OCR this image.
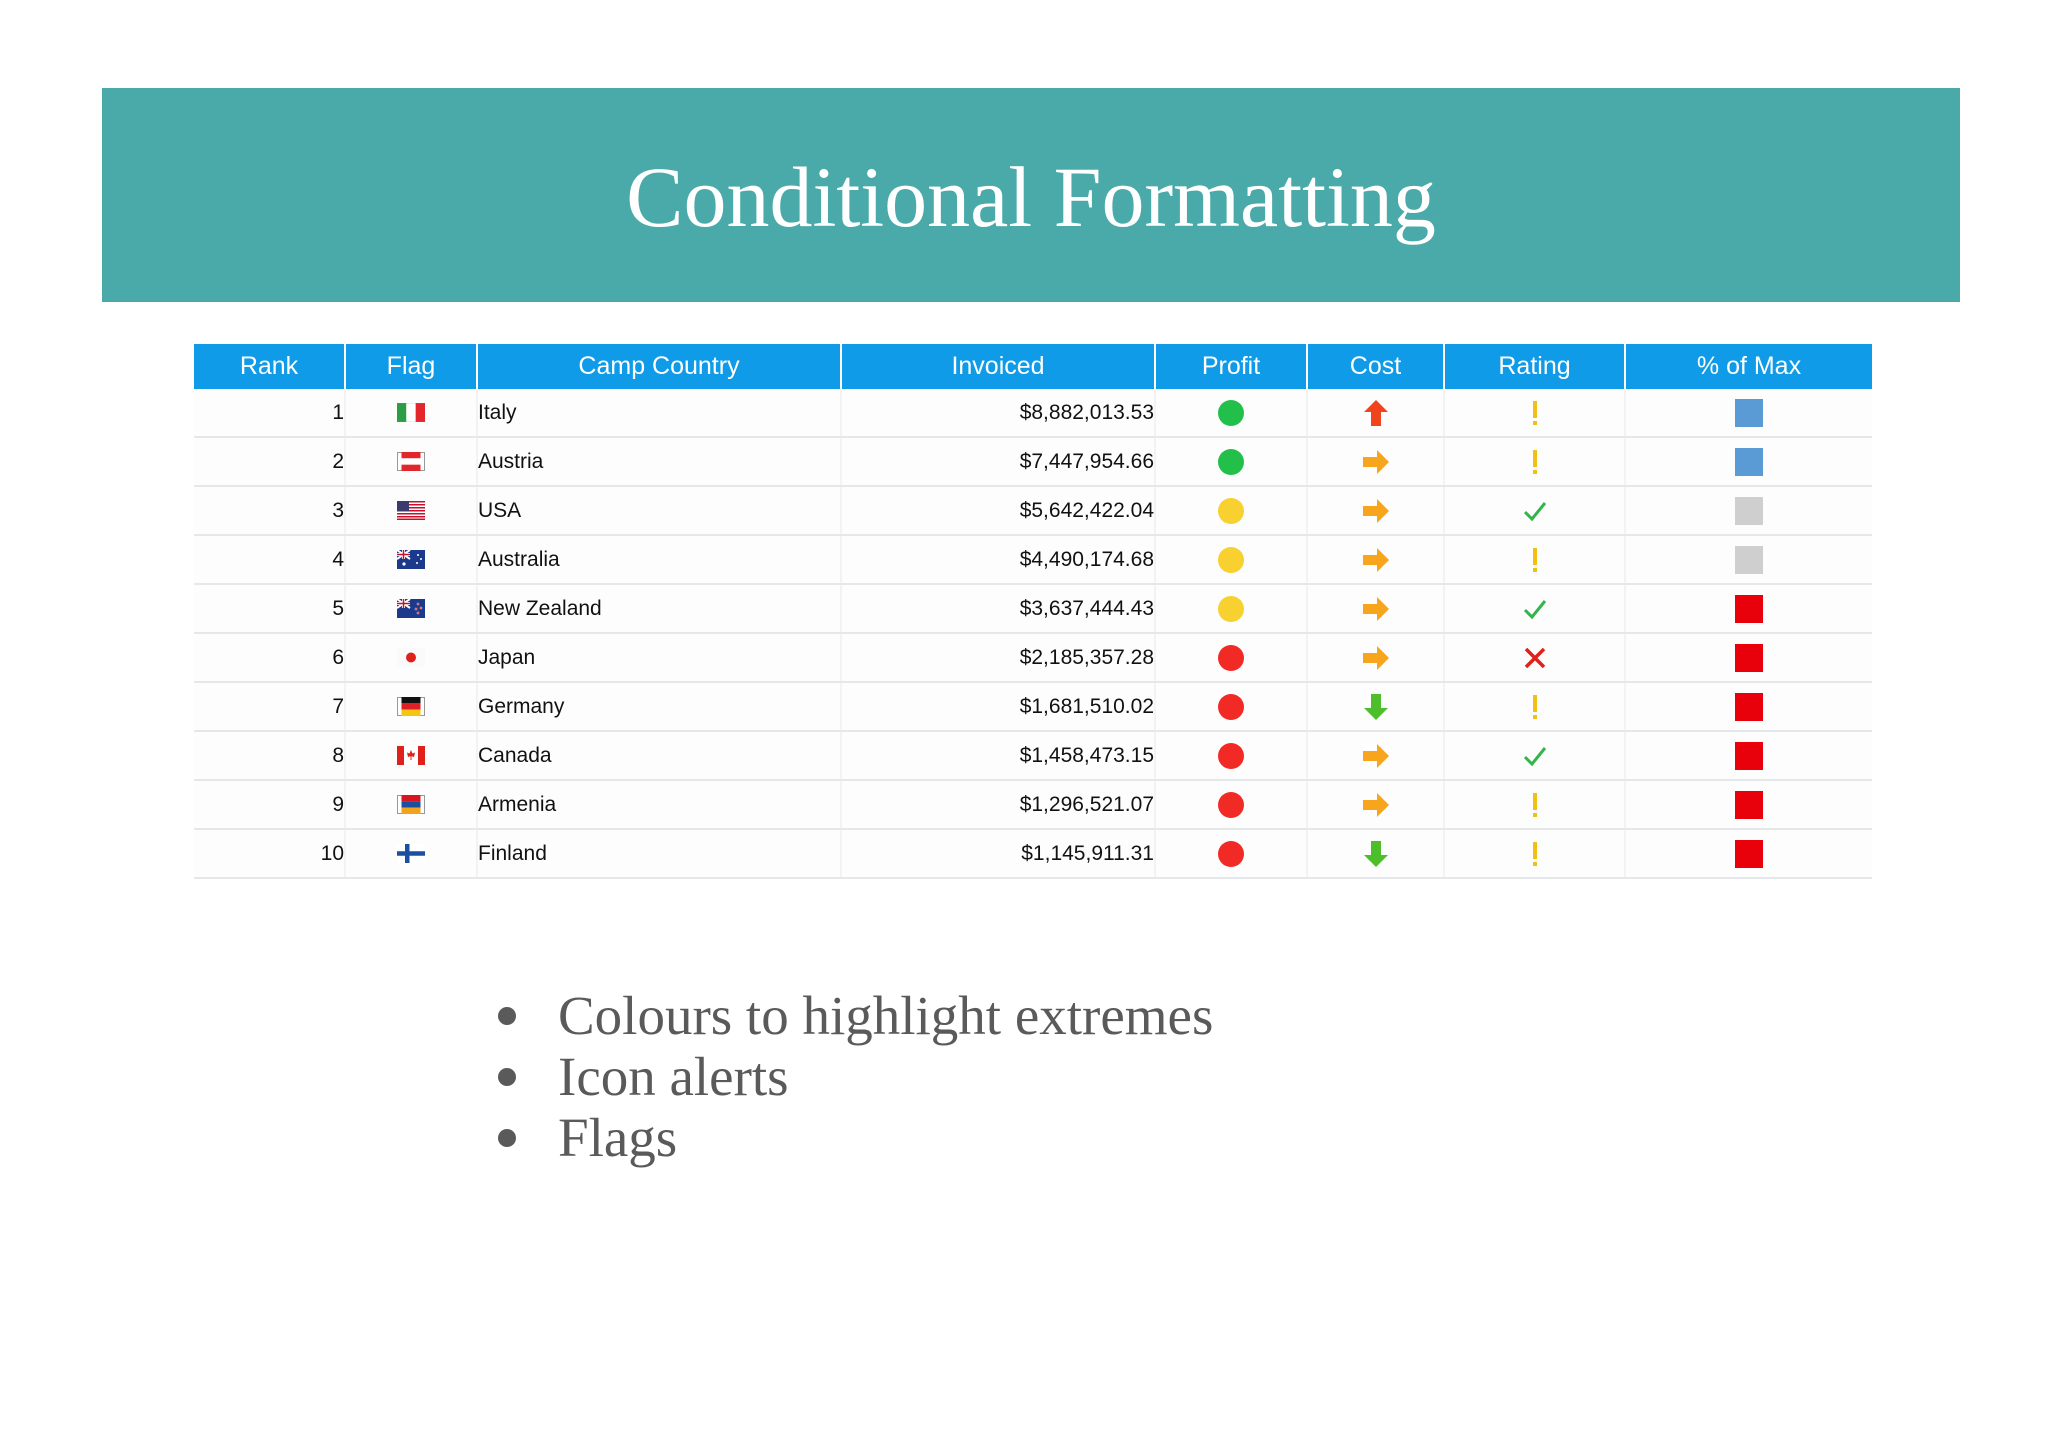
Conditional Formatting
Rank	Flag	Camp Country	Invoiced	Profit	Cost	Rating	% of Max
1		Italy	$8,882,013.53				
2		Austria	$7,447,954.66				
3		USA	$5,642,422.04				
4		Australia	$4,490,174.68				
5		New Zealand	$3,637,444.43				
6		Japan	$2,185,357.28				
7		Germany	$1,681,510.02				
8		Canada	$1,458,473.15				
9		Armenia	$1,296,521.07				
10		Finland	$1,145,911.31				
Colours to highlight extremes
Icon alerts
Flags
